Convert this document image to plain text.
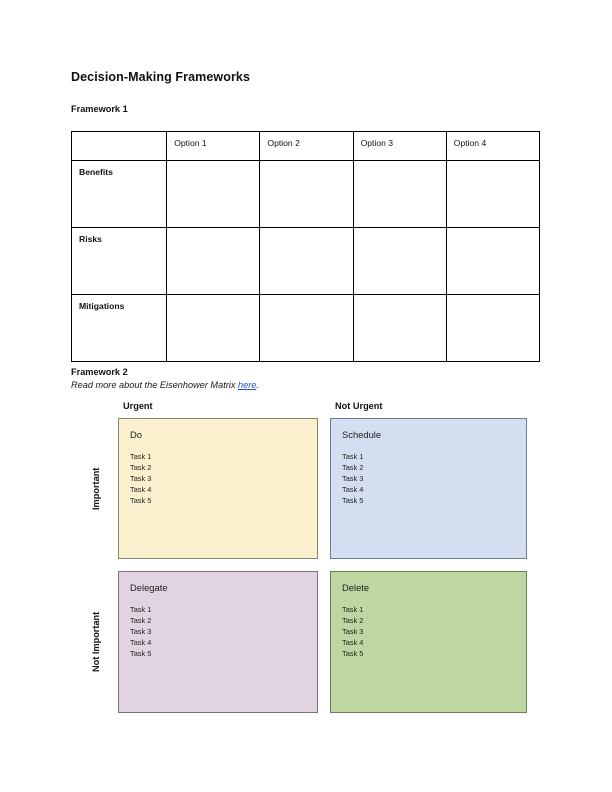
Decision-Making Frameworks
Framework 1
	Option 1	Option 2	Option 3	Option 4
Benefits				
Risks				
Mitigations				
Framework 2
Read more about the Eisenhower Matrix here.
Urgent	Not Urgent
Important
Not Important
Do
Task 1
Task 2
Task 3
Task 4
Task 5
Schedule
Task 1
Task 2
Task 3
Task 4
Task 5
Delegate
Task 1
Task 2
Task 3
Task 4
Task 5
Delete
Task 1
Task 2
Task 3
Task 4
Task 5
